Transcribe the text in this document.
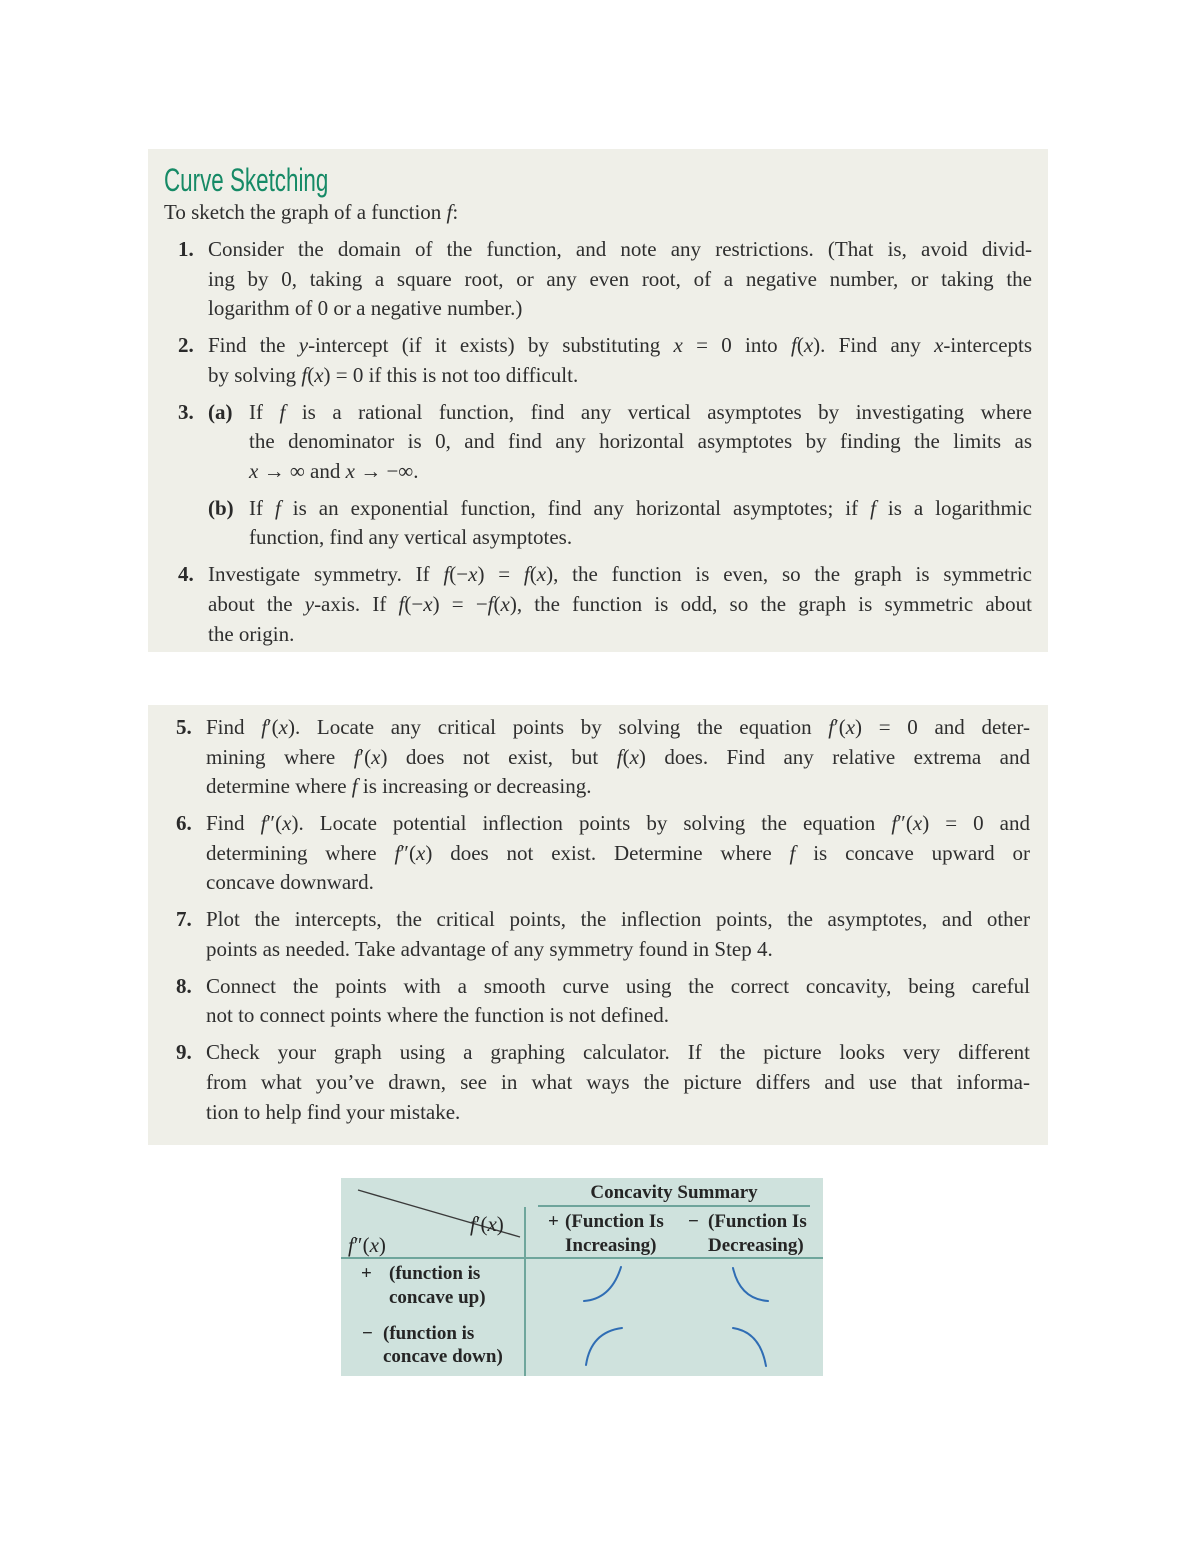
Curve Sketching
To sketch the graph of a function f:
1. Consider the domain of the function, and note any restrictions. (That is, avoid divid-
ing by 0, taking a square root, or any even root, of a negative number, or taking the
logarithm of 0 or a negative number.)
2. Find the y-intercept (if it exists) by substituting x = 0 into f(x). Find any x-intercepts
by solving f(x) = 0 if this is not too difficult.
3. (a) If f is a rational function, find any vertical asymptotes by investigating where
the denominator is 0, and find any horizontal asymptotes by finding the limits as
x → ∞ and x → −∞.
(b) If f is an exponential function, find any horizontal asymptotes; if f is a logarithmic
function, find any vertical asymptotes.
4. Investigate symmetry. If f(−x) = f(x), the function is even, so the graph is symmetric
about the y-axis. If f(−x) = −f(x), the function is odd, so the graph is symmetric about
the origin.
5. Find f′(x). Locate any critical points by solving the equation f′(x) = 0 and deter-
mining where f′(x) does not exist, but f(x) does. Find any relative extrema and
determine where f is increasing or decreasing.
6. Find f″(x). Locate potential inflection points by solving the equation f″(x) = 0 and
determining where f″(x) does not exist. Determine where f is concave upward or
concave downward.
7. Plot the intercepts, the critical points, the inflection points, the asymptotes, and other
points as needed. Take advantage of any symmetry found in Step 4.
8. Connect the points with a smooth curve using the correct concavity, being careful
not to connect points where the function is not defined.
9. Check your graph using a graphing calculator. If the picture looks very different
from what you’ve drawn, see in what ways the picture differs and use that informa-
tion to help find your mistake.
Concavity Summary
f′(x)
f″(x)
+ (Function Is
Increasing)
− (Function Is
Decreasing)
+ (function is
concave up)
− (function is
concave down)
